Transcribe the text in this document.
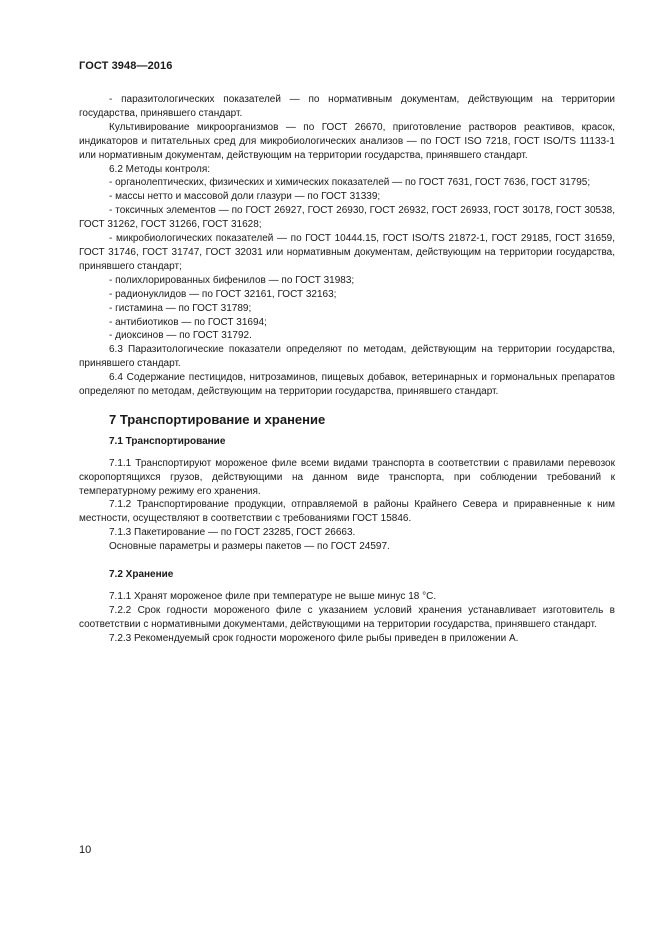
ГОСТ 3948—2016

- паразитологических показателей — по нормативным документам, действующим на территории государства, принявшего стандарт.

Культивирование микроорганизмов — по ГОСТ 26670, приготовление растворов реактивов, красок, индикаторов и питательных сред для микробиологических анализов — по ГОСТ ISO 7218, ГОСТ ISO/TS 11133-1 или нормативным документам, действующим на территории государства, принявшего стандарт.

6.2 Методы контроля:

- органолептических, физических и химических показателей — по ГОСТ 7631, ГОСТ 7636, ГОСТ 31795;

- массы нетто и массовой доли глазури — по ГОСТ 31339;

- токсичных элементов — по ГОСТ 26927, ГОСТ 26930, ГОСТ 26932, ГОСТ 26933, ГОСТ 30178, ГОСТ 30538, ГОСТ 31262, ГОСТ 31266, ГОСТ 31628;

- микробиологических показателей — по ГОСТ 10444.15, ГОСТ ISO/TS 21872-1, ГОСТ 29185, ГОСТ 31659, ГОСТ 31746, ГОСТ 31747, ГОСТ 32031 или нормативным документам, действующим на территории государства, принявшего стандарт;

- полихлорированных бифенилов — по ГОСТ 31983;

- радионуклидов — по ГОСТ 32161, ГОСТ 32163;

- гистамина — по ГОСТ 31789;

- антибиотиков — по ГОСТ 31694;

- диоксинов — по ГОСТ 31792.

6.3 Паразитологические показатели определяют по методам, действующим на территории государства, принявшего стандарт.

6.4 Содержание пестицидов, нитрозаминов, пищевых добавок, ветеринарных и гормональных препаратов определяют по методам, действующим на территории государства, принявшего стандарт.

7 Транспортирование и хранение
7.1 Транспортирование

7.1.1 Транспортируют мороженое филе всеми видами транспорта в соответствии с правилами перевозок скоропортящихся грузов, действующими на данном виде транспорта, при соблюдении требований к температурному режиму его хранения.

7.1.2 Транспортирование продукции, отправляемой в районы Крайнего Севера и приравненные к ним местности, осуществляют в соответствии с требованиями ГОСТ 15846.

7.1.3 Пакетирование — по ГОСТ 23285, ГОСТ 26663.

Основные параметры и размеры пакетов — по ГОСТ 24597.

7.2 Хранение

7.1.1 Хранят мороженое филе при температуре не выше минус 18 °С.

7.2.2 Срок годности мороженого филе с указанием условий хранения устанавливает изготовитель в соответствии с нормативными документами, действующими на территории государства, принявшего стандарт.

7.2.3 Рекомендуемый срок годности мороженого филе рыбы приведен в приложении А.

10
